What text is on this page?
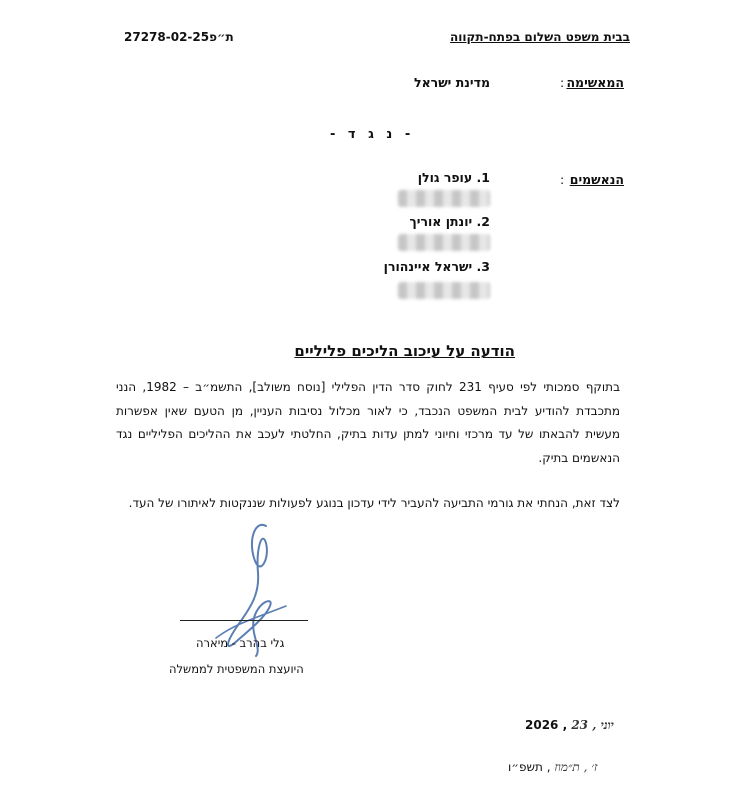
בבית משפט השלום בפתח-תקווה
ת״פ27278-02-25
המאשימה
:
מדינת ישראל
- נ ג ד -
הנאשמים
:
1. עופר גולן
2. יונתן אוריך
3. ישראל איינהורן
הודעה על עיכוב הליכים פליליים
בתוקף סמכותי לפי סעיף 231 לחוק סדר הדין הפלילי [נוסח משולב], התשמ״ב – 1982, הנני מתכבדת להודיע לבית המשפט הנכבד, כי לאור מכלול נסיבות העניין, מן הטעם שאין אפשרות מעשית להבאתו של עד מרכזי וחיוני למתן עדות בתיק, החלטתי לעכב את ההליכים הפליליים נגד הנאשמים בתיק.
לצד זאת, הנחתי את גורמי התביעה להעביר לידי עדכון בנוגע לפעולות שננקטות לאיתורו של העד.
גלי בהרב - מיארה
היועצת המשפטית לממשלה
2026 , 23 , יוני
ז׳ , ת״מוז , תשפ״ו
